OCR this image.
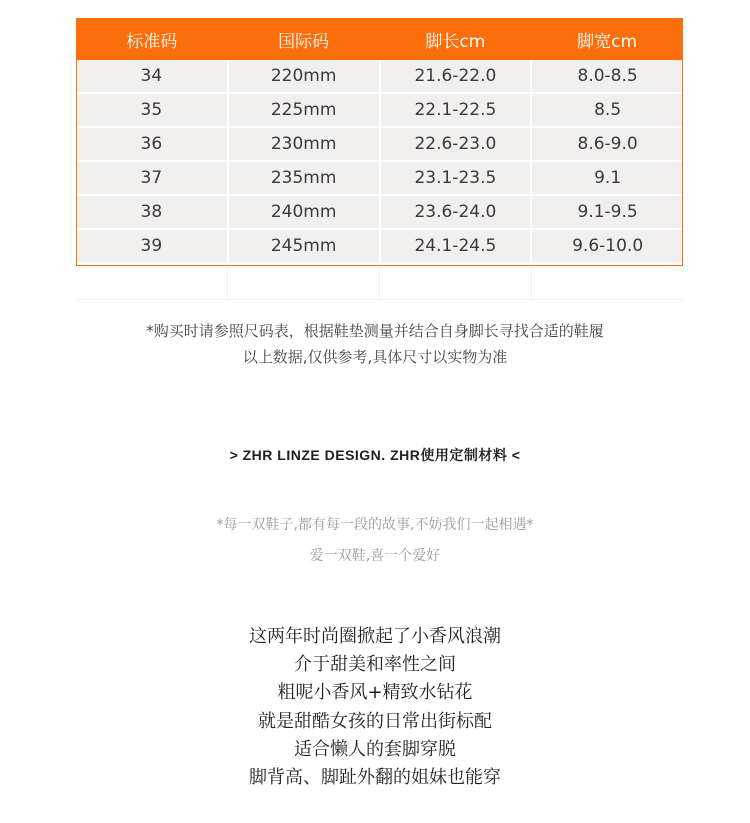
标准码	国际码	脚长cm	脚宽cm
34	220mm	21.6-22.0	8.0-8.5
35	225mm	22.1-22.5	8.5
36	230mm	22.6-23.0	8.6-9.0
37	235mm	23.1-23.5	9.1
38	240mm	23.6-24.0	9.1-9.5
39	245mm	24.1-24.5	9.6-10.0
*购买时请参照尺码表，根据鞋垫测量并结合自身脚长寻找合适的鞋履
以上数据,仅供参考,具体尺寸以实物为准
> ZHR LINZE DESIGN. ZHR使用定制材料 <
*每一双鞋子,都有每一段的故事,不妨我们一起相遇*
爱一双鞋,喜一个爱好
这两年时尚圈掀起了小香风浪潮
介于甜美和率性之间
粗呢小香风+精致水钻花
就是甜酷女孩的日常出街标配
适合懒人的套脚穿脱
脚背高、脚趾外翻的姐妹也能穿
